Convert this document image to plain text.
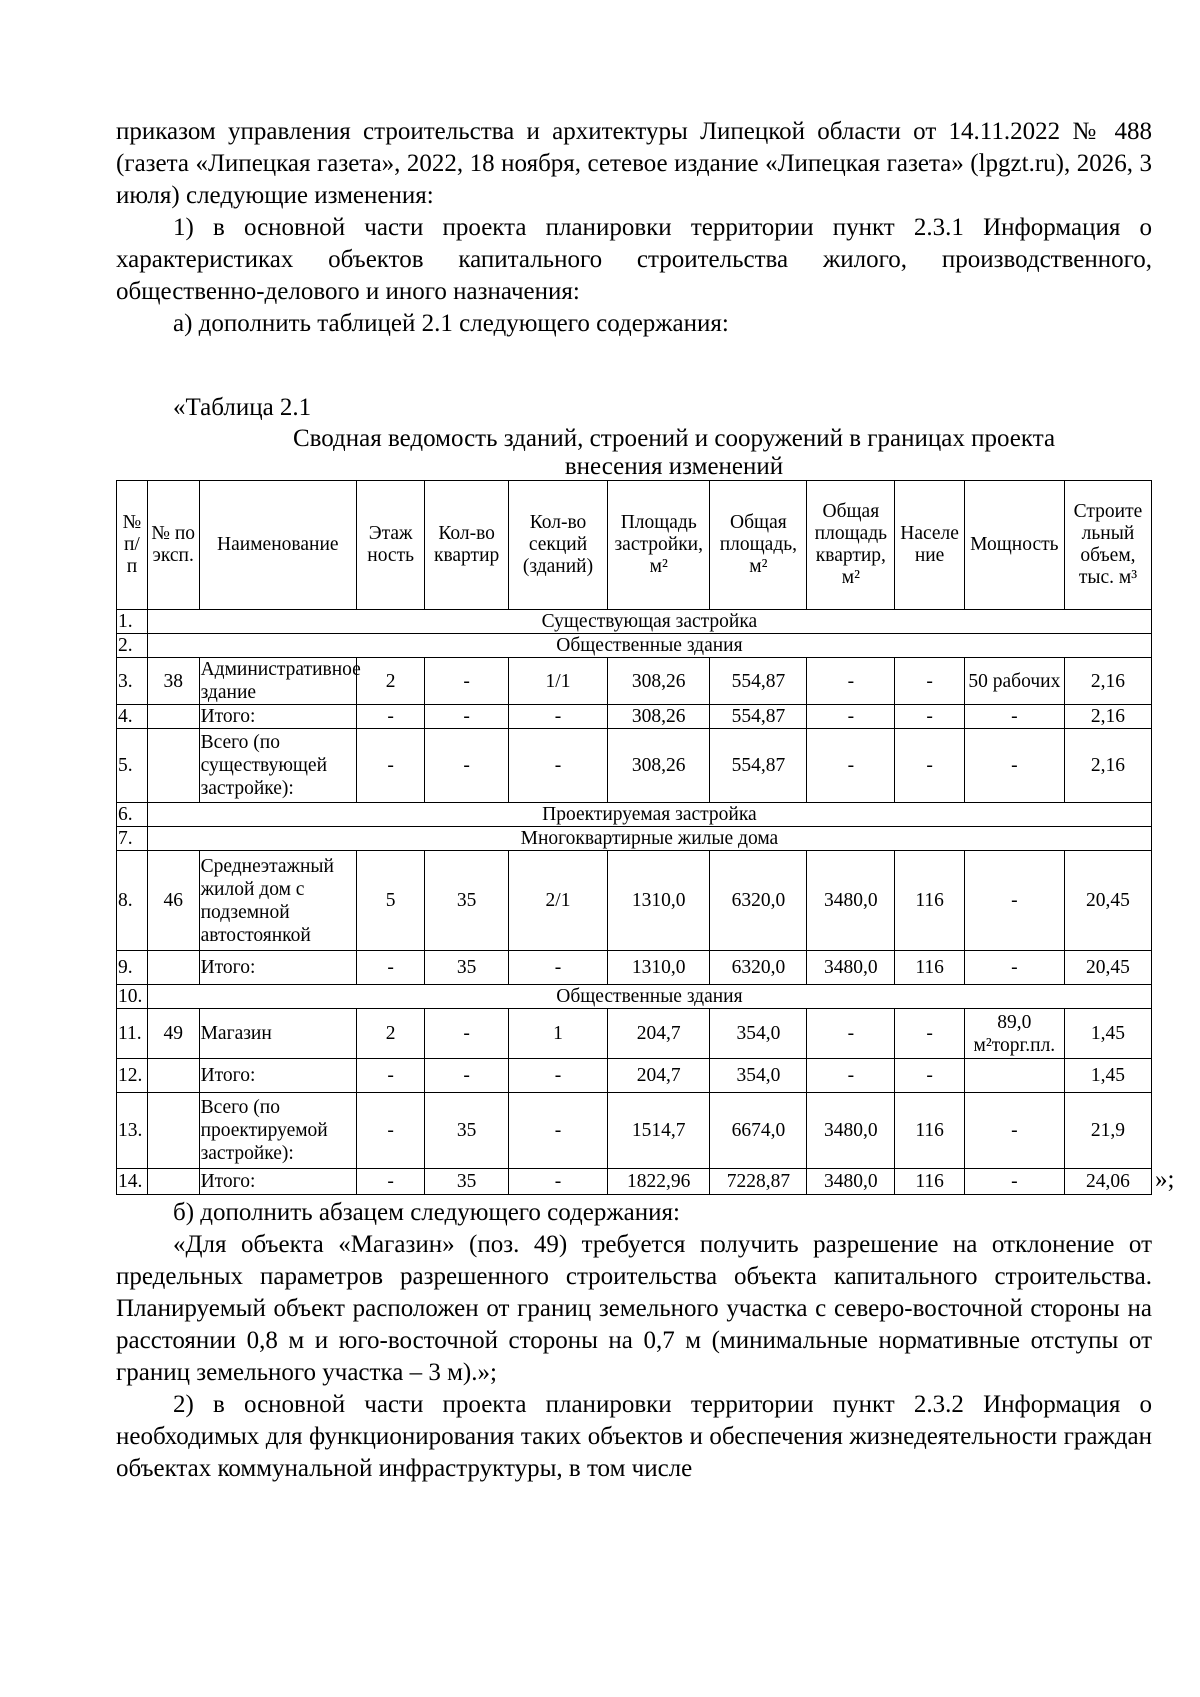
приказом управления строительства и архитектуры Липецкой области от 14.11.2022 № 488 (газета «Липецкая газета», 2022, 18 ноября, сетевое издание «Липецкая газета» (lpgzt.ru), 2026, 3 июля) следующие изменения:

1) в основной части проекта планировки территории пункт 2.3.1 Информация о характеристиках объектов капитального строительства жилого, производственного, общественно-делового и иного назначения:

а) дополнить таблицей 2.1 следующего содержания:

«Таблица 2.1
Сводная ведомость зданий, строений и сооружений в границах проекта
внесения изменений
№ п/ п	№ по эксп.	Наименование	Этаж ность	Кол-во квартир	Кол-во секций (зданий)	Площадь застройки, м²	Общая площадь, м²	Общая площадь квартир, м²	Населе ние	Мощность	Строите льный объем, тыс. м³
1.	Существующая застройка										
2.	Общественные здания										
3.	38	Административное здание	2	-	1/1	308,26	554,87	-	-	50 рабочих	2,16
4.		Итого:	-	-	-	308,26	554,87	-	-	-	2,16
5.		Всего (по существующей застройке):	-	-	-	308,26	554,87	-	-	-	2,16
6.	Проектируемая застройка										
7.	Многоквартирные жилые дома										
8.	46	Среднеэтажный жилой дом с подземной автостоянкой	5	35	2/1	1310,0	6320,0	3480,0	116	-	20,45
9.		Итого:	-	35	-	1310,0	6320,0	3480,0	116	-	20,45
10.	Общественные здания										
11.	49	Магазин	2	-	1	204,7	354,0	-	-	89,0 м²торг.пл.	1,45
12.		Итого:	-	-	-	204,7	354,0	-	-		1,45
13.		Всего (по проектируемой застройке):	-	35	-	1514,7	6674,0	3480,0	116	-	21,9
14.		Итого:	-	35	-	1822,96	7228,87	3480,0	116	-	24,06 »;

б) дополнить абзацем следующего содержания:

«Для объекта «Магазин» (поз. 49) требуется получить разрешение на отклонение от предельных параметров разрешенного строительства объекта капитального строительства. Планируемый объект расположен от границ земельного участка с северо-восточной стороны на расстоянии 0,8 м и юго-восточной стороны на 0,7 м (минимальные нормативные отступы от границ земельного участка – 3 м).»;

2) в основной части проекта планировки территории пункт 2.3.2 Информация о необходимых для функционирования таких объектов и обеспечения жизнедеятельности граждан объектах коммунальной инфраструктуры, в том числе
